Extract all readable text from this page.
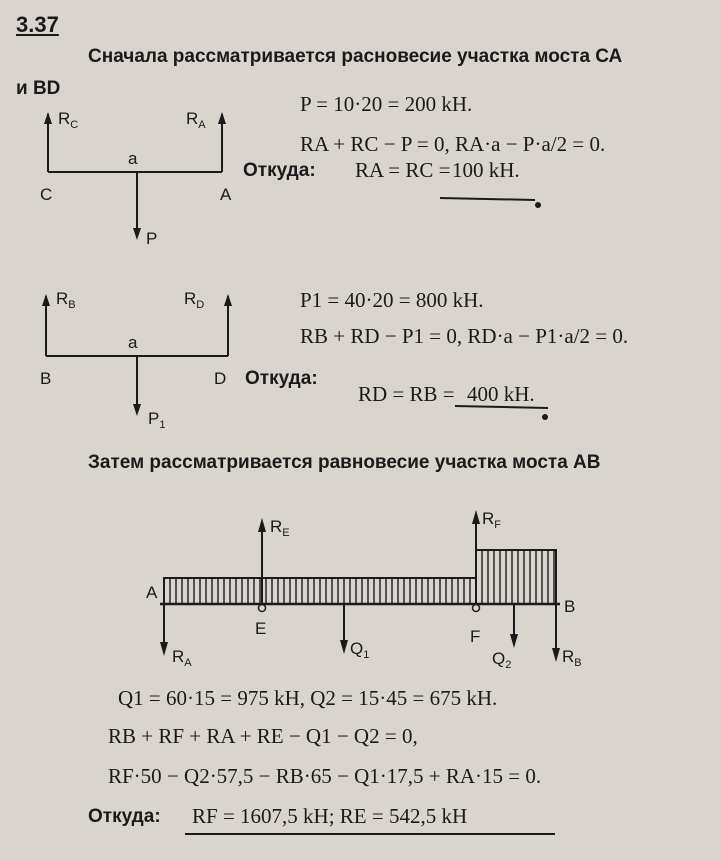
3.37
Сначала рассматривается расновесие участка моста СА
и BD
P = 10·20 = 200 kH.
RA + RC − P = 0, RA·a − P·a/2 = 0.
Откуда: RA = RC = 100 kH.
P1 = 40·20 = 800 kH.
RB + RD − P1 = 0, RD·a − P1·a/2 = 0.
Откуда:
RD = RB = 400 kH.
Затем рассматривается равновесие участка моста АВ
Q1 = 60·15 = 975 kH, Q2 = 15·45 = 675 kH.
RB + RF + RA + RE − Q1 − Q2 = 0,
RF·50 − Q2·57,5 − RB·65 − Q1·17,5 + RA·15 = 0.
Откуда: RF = 1607,5 kH; RE = 542,5 kH
$R_C$	$R_A$
a
C	A
P
$R_B$	$R_D$
a
B	D
$P_1$
$R_E$
$R_F$
A
B
E	F
$R_A$
$Q_1$	$Q_2$	$R_B$
